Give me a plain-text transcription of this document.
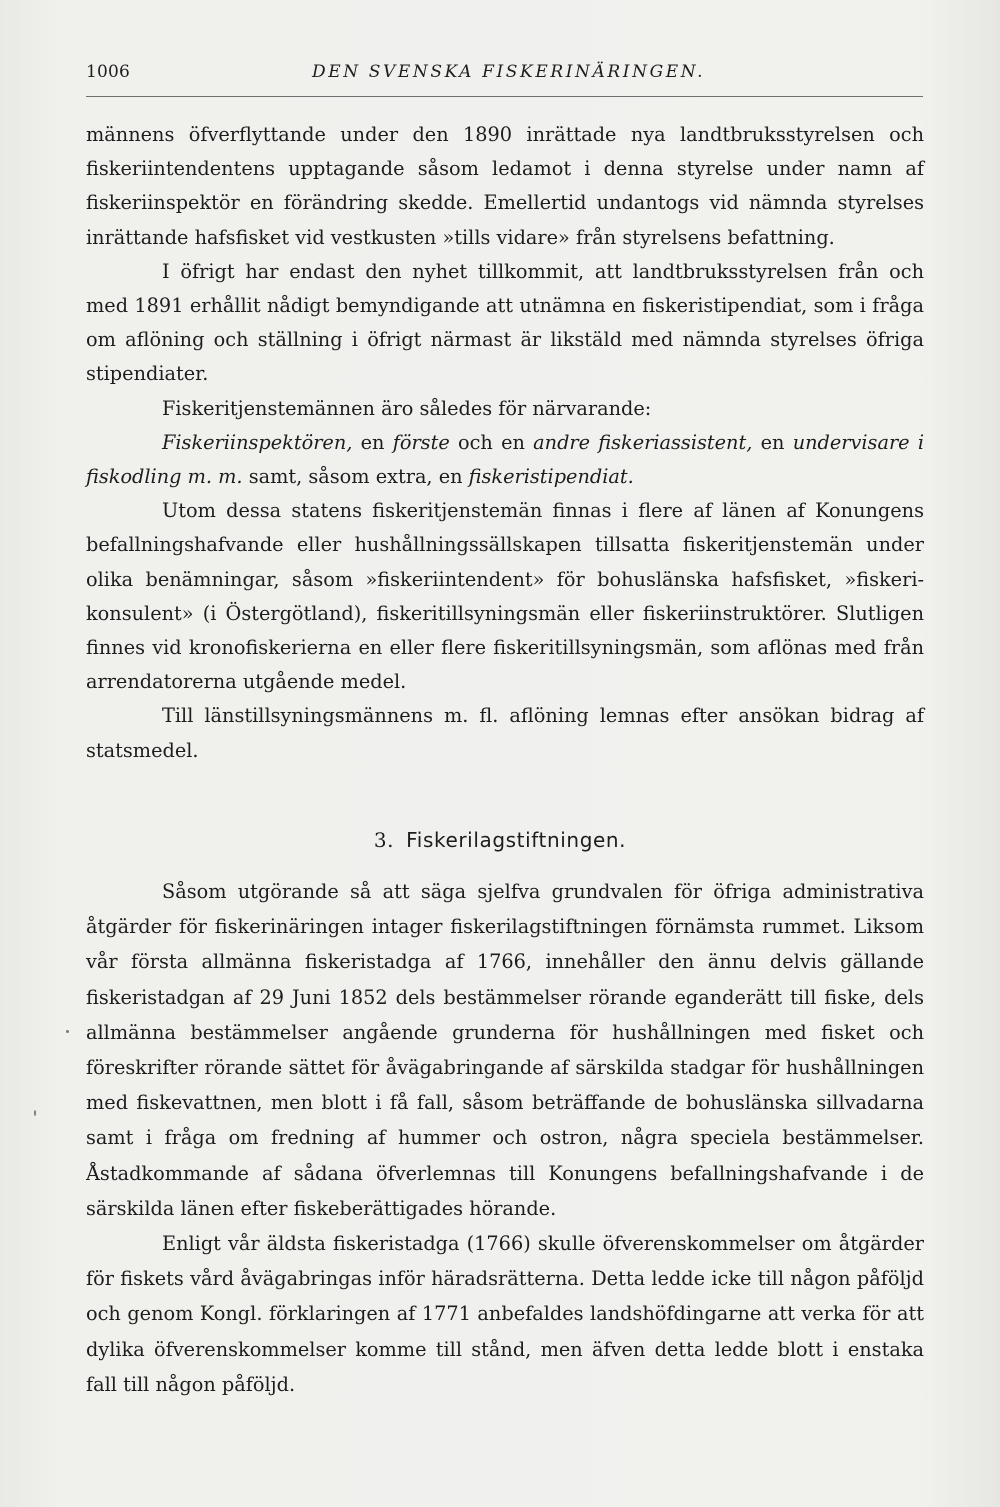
1006	DEN SVENSKA FISKERINÄRINGEN.

männens öfverflyttande under den 1890 inrättade nya landtbruksstyrelsen och fiskeriintendentens upptagande såsom ledamot i denna styrelse under namn af fiskeriinspektör en förändring skedde. Emellertid undantogs vid nämnda styrelses inrättande hafsfisket vid vestkusten »tills vidare» från styrelsens befattning.

I öfrigt har endast den nyhet tillkommit, att landtbruksstyrelsen från och med 1891 erhållit nådigt bemyndigande att utnämna en fiskeristipendiat, som i fråga om aflöning och ställning i öfrigt närmast är likstäld med nämnda styrelses öfriga stipendiater.

Fiskeritjenstemännen äro således för närvarande:

Fiskeriinspektören, en förste och en andre fiskeriassistent, en undervisare i fiskodling m. m. samt, såsom extra, en fiskeristipendiat.

Utom dessa statens fiskeritjenstemän finnas i flere af länen af Konungens befallningshafvande eller hushållningssällskapen tillsatta fiskeritjenstemän under olika benämningar, såsom »fiskeriintendent» för bohuslänska hafsfisket, »fiskerikonsulent» (i Östergötland), fiskeritillsyningsmän eller fiskeriinstruktörer. Slutligen finnes vid kronofiskerierna en eller flere fiskeritillsyningsmän, som aflönas med från arrendatorerna utgående medel.

Till länstillsyningsmännens m. fl. aflöning lemnas efter ansökan bidrag af statsmedel.

3. Fiskerilagstiftningen.

Såsom utgörande så att säga sjelfva grundvalen för öfriga administrativa åtgärder för fiskerinäringen intager fiskerilagstiftningen förnämsta rummet. Liksom vår första allmänna fiskeristadga af 1766, innehåller den ännu delvis gällande fiskeristadgan af 29 Juni 1852 dels bestämmelser rörande eganderätt till fiske, dels allmänna bestämmelser angående grunderna för hushållningen med fisket och föreskrifter rörande sättet för åvägabringande af särskilda stadgar för hushållningen med fiskevattnen, men blott i få fall, såsom beträffande de bohuslänska sillvadarna samt i fråga om fredning af hummer och ostron, några speciela bestämmelser. Åstadkommande af sådana öfverlemnas till Konungens befallningshafvande i de särskilda länen efter fiskeberättigades hörande.

Enligt vår äldsta fiskeristadga (1766) skulle öfverenskommelser om åtgärder för fiskets vård åvägabringas inför häradsrätterna. Detta ledde icke till någon påföljd och genom Kongl. förklaringen af 1771 anbefaldes landshöfdingarne att verka för att dylika öfverenskommelser komme till stånd, men äfven detta ledde blott i enstaka fall till någon påföljd.
